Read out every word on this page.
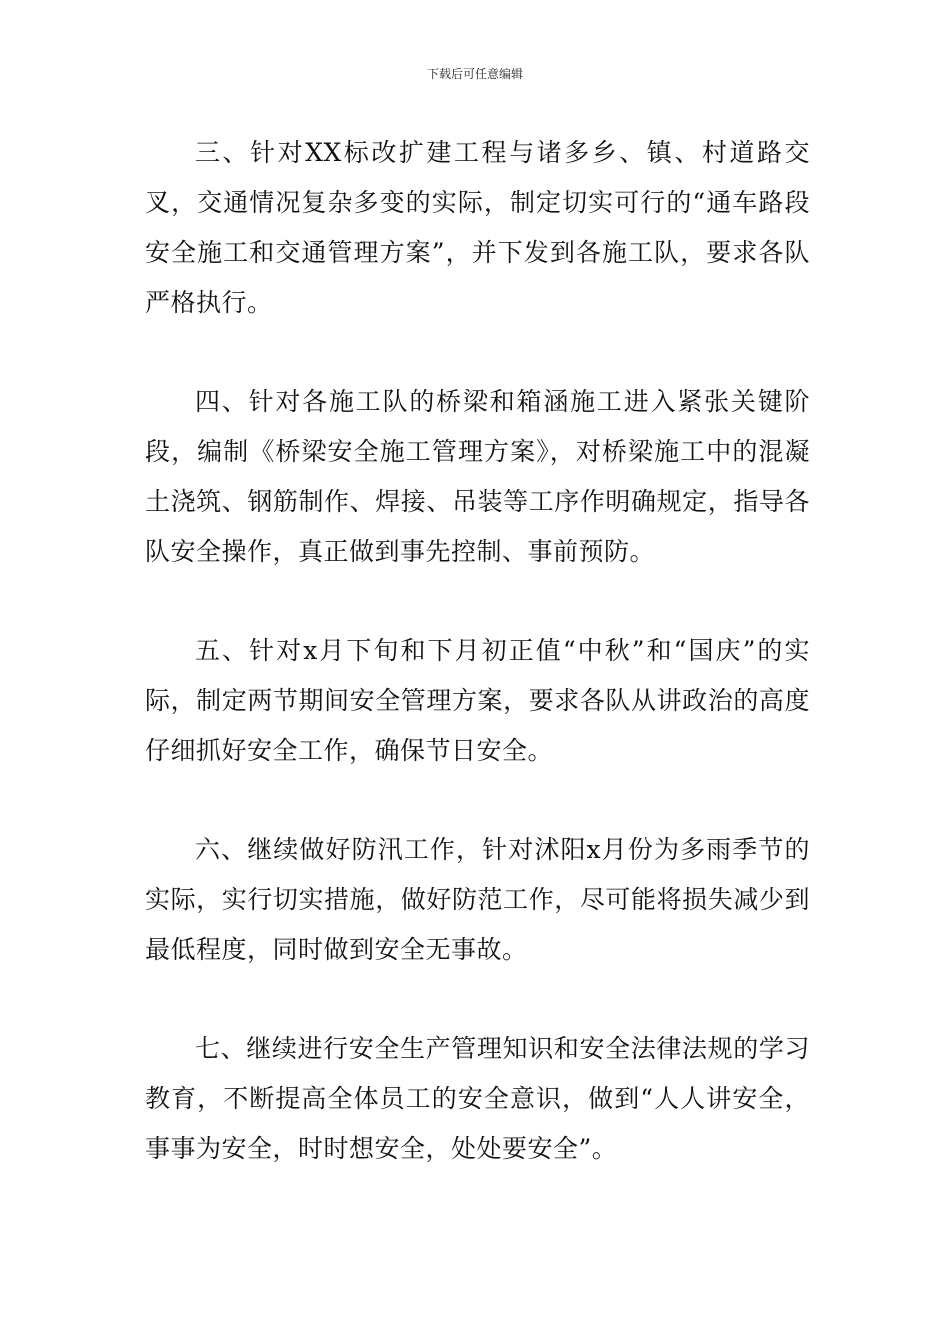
下载后可任意编辑

三、针对XX标改扩建工程与诸多乡、镇、村道路交叉，交通情况复杂多变的实际，制定切实可行的“通车路段安全施工和交通管理方案”，并下发到各施工队，要求各队严格执行。

四、针对各施工队的桥梁和箱涵施工进入紧张关键阶段，编制《桥梁安全施工管理方案》，对桥梁施工中的混凝土浇筑、钢筋制作、焊接、吊装等工序作明确规定，指导各队安全操作，真正做到事先控制、事前预防。

五、针对x月下旬和下月初正值“中秋”和“国庆”的实际，制定两节期间安全管理方案，要求各队从讲政治的高度仔细抓好安全工作，确保节日安全。

六、继续做好防汛工作，针对沭阳x月份为多雨季节的实际，实行切实措施，做好防范工作，尽可能将损失减少到最低程度，同时做到安全无事故。

七、继续进行安全生产管理知识和安全法律法规的学习教育，不断提高全体员工的安全意识，做到“人人讲安全，事事为安全，时时想安全，处处要安全”。
